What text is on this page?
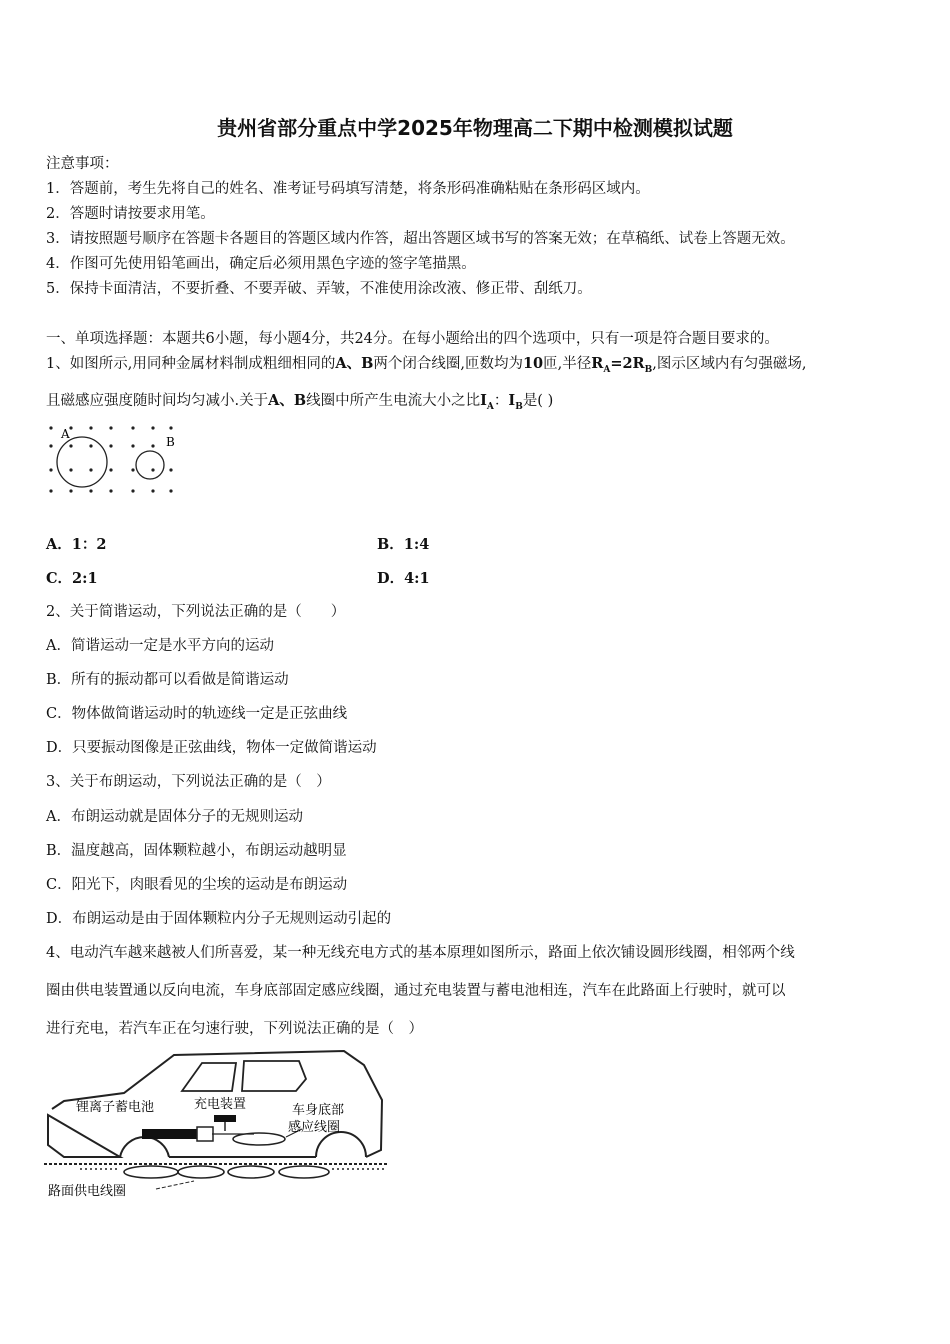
贵州省部分重点中学2025年物理高二下期中检测模拟试题
注意事项：
1．答题前，考生先将自己的姓名、准考证号码填写清楚，将条形码准确粘贴在条形码区域内。
2．答题时请按要求用笔。
3．请按照题号顺序在答题卡各题目的答题区域内作答，超出答题区域书写的答案无效；在草稿纸、试卷上答题无效。
4．作图可先使用铅笔画出，确定后必须用黑色字迹的签字笔描黑。
5．保持卡面清洁，不要折叠、不要弄破、弄皱，不准使用涂改液、修正带、刮纸刀。
一、单项选择题：本题共6小题，每小题4分，共24分。在每小题给出的四个选项中，只有一项是符合题目要求的。
1、如图所示,用同种金属材料制成粗细相同的A、B两个闭合线圈,匝数均为10匝,半径$R_A=2R_B$,图示区域内有匀强磁场,
且磁感应强度随时间均匀减小.关于A、B线圈中所产生电流大小之比$I_A$：$I_B$是( )
A
B
A．1：2	B．1:4
C．2:1	D．4:1
2、关于简谐运动，下列说法正确的是（　　）
A．简谐运动一定是水平方向的运动
B．所有的振动都可以看做是简谐运动
C．物体做简谐运动时的轨迹线一定是正弦曲线
D．只要振动图像是正弦曲线，物体一定做简谐运动
3、关于布朗运动，下列说法正确的是（　）
A．布朗运动就是固体分子的无规则运动
B．温度越高，固体颗粒越小，布朗运动越明显
C．阳光下，肉眼看见的尘埃的运动是布朗运动
D．布朗运动是由于固体颗粒内分子无规则运动引起的
4、电动汽车越来越被人们所喜爱，某一种无线充电方式的基本原理如图所示，路面上依次铺设圆形线圈，相邻两个线
圈由供电装置通以反向电流，车身底部固定感应线圈，通过充电装置与蓄电池相连，汽车在此路面上行驶时，就可以
进行充电，若汽车正在匀速行驶，下列说法正确的是（　）
锂离子蓄电池	充电装置	车身底部
感应线圈
路面供电线圈
